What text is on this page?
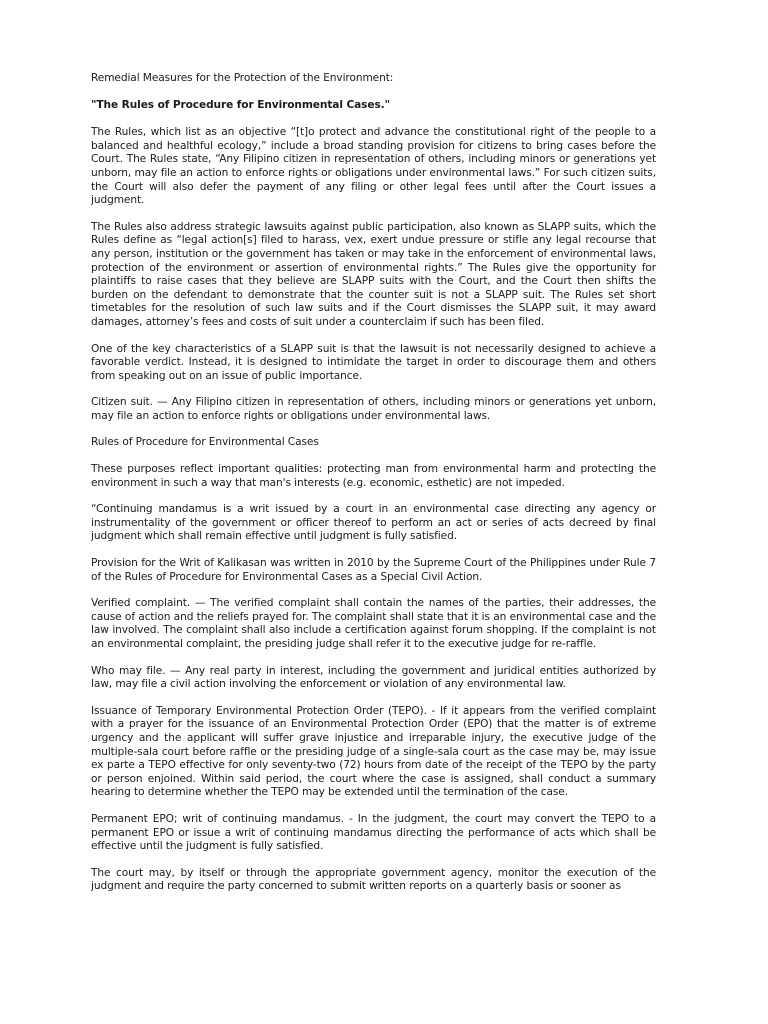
Remedial Measures for the Protection of the Environment:

"The Rules of Procedure for Environmental Cases."

The Rules, which list as an objective “[t]o protect and advance the constitutional right of the people to a balanced and healthful ecology,” include a broad standing provision for citizens to bring cases before the Court. The Rules state, “Any Filipino citizen in representation of others, including minors or generations yet unborn, may file an action to enforce rights or obligations under environmental laws.” For such citizen suits, the Court will also defer the payment of any filing or other legal fees until after the Court issues a judgment.

The Rules also address strategic lawsuits against public participation, also known as SLAPP suits, which the Rules define as “legal action[s] filed to harass, vex, exert undue pressure or stifle any legal recourse that any person, institution or the government has taken or may take in the enforcement of environmental laws, protection of the environment or assertion of environmental rights.” The Rules give the opportunity for plaintiffs to raise cases that they believe are SLAPP suits with the Court, and the Court then shifts the burden on the defendant to demonstrate that the counter suit is not a SLAPP suit. The Rules set short timetables for the resolution of such law suits and if the Court dismisses the SLAPP suit, it may award damages, attorney’s fees and costs of suit under a counterclaim if such has been filed.

One of the key characteristics of a SLAPP suit is that the lawsuit is not necessarily designed to achieve a favorable verdict. Instead, it is designed to intimidate the target in order to discourage them and others from speaking out on an issue of public importance.

Citizen suit. — Any Filipino citizen in representation of others, including minors or generations yet unborn, may file an action to enforce rights or obligations under environmental laws.

Rules of Procedure for Environmental Cases

These purposes reflect important qualities: protecting man from environmental harm and protecting the environment in such a way that man's interests (e.g. economic, esthetic) are not impeded.

“Continuing mandamus is a writ issued by a court in an environmental case directing any agency or instrumentality of the government or officer thereof to perform an act or series of acts decreed by final judgment which shall remain effective until judgment is fully satisfied.

Provision for the Writ of Kalikasan was written in 2010 by the Supreme Court of the Philippines under Rule 7 of the Rules of Procedure for Environmental Cases as a Special Civil Action.

Verified complaint. — The verified complaint shall contain the names of the parties, their addresses, the cause of action and the reliefs prayed for. The complaint shall state that it is an environmental case and the law involved. The complaint shall also include a certification against forum shopping. If the complaint is not an environmental complaint, the presiding judge shall refer it to the executive judge for re-raffle.

Who may file. — Any real party in interest, including the government and juridical entities authorized by law, may file a civil action involving the enforcement or violation of any environmental law.

Issuance of Temporary Environmental Protection Order (TEPO). - If it appears from the verified complaint with a prayer for the issuance of an Environmental Protection Order (EPO) that the matter is of extreme urgency and the applicant will suffer grave injustice and irreparable injury, the executive judge of the multiple-sala court before raffle or the presiding judge of a single-sala court as the case may be, may issue ex parte a TEPO effective for only seventy-two (72) hours from date of the receipt of the TEPO by the party or person enjoined. Within said period, the court where the case is assigned, shall conduct a summary hearing to determine whether the TEPO may be extended until the termination of the case.

Permanent EPO; writ of continuing mandamus. - In the judgment, the court may convert the TEPO to a permanent EPO or issue a writ of continuing mandamus directing the performance of acts which shall be effective until the judgment is fully satisfied.

The court may, by itself or through the appropriate government agency, monitor the execution of the judgment and require the party concerned to submit written reports on a quarterly basis or sooner as
